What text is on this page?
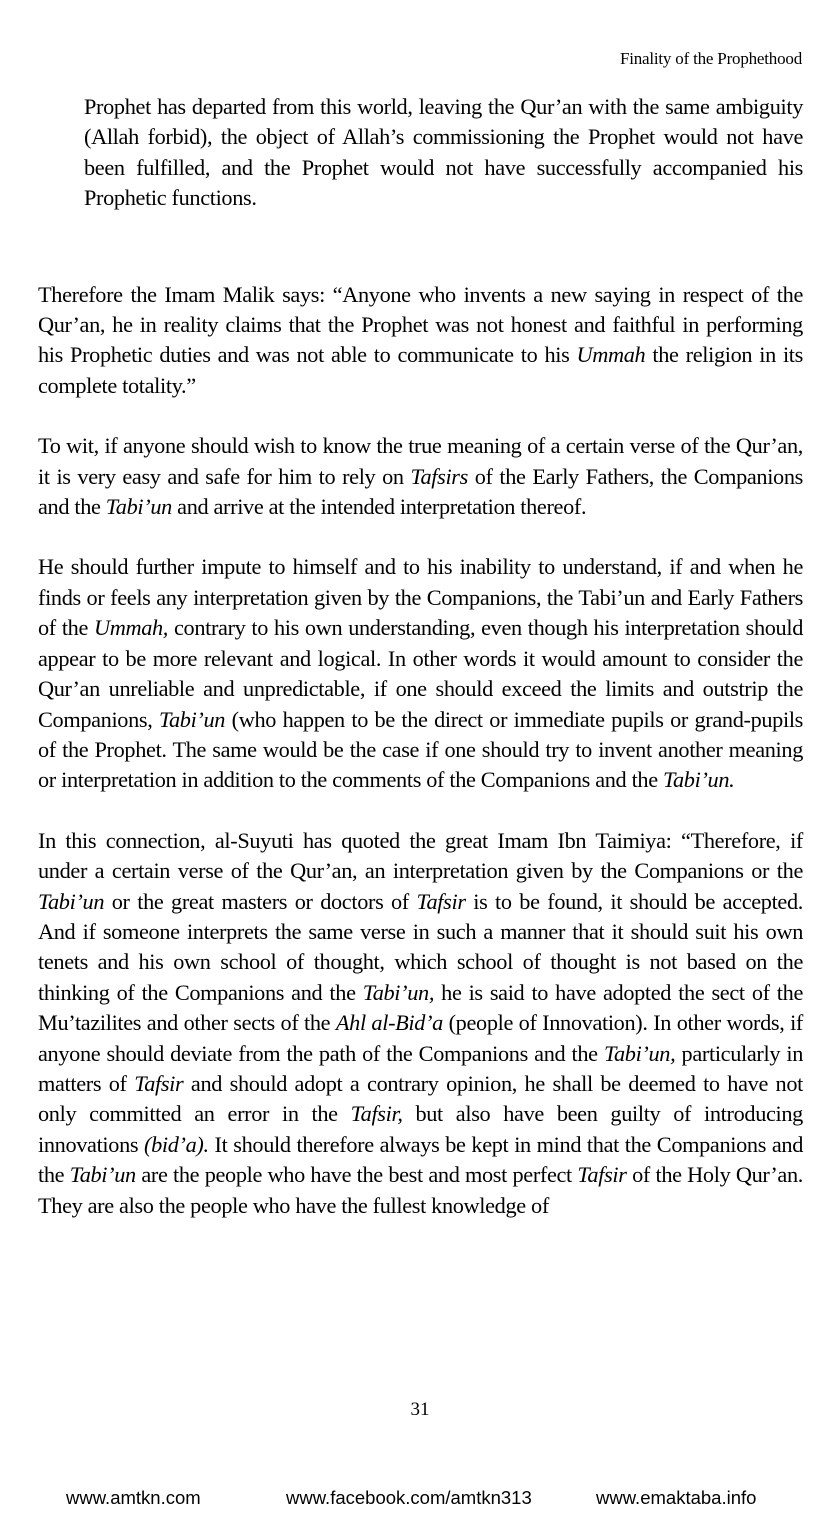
Finality of the Prophethood

Prophet has departed from this world, leaving the Qur’an with the same ambiguity (Allah forbid), the object of Allah’s commissioning the Prophet would not have been fulfilled, and the Prophet would not have successfully accompanied his Prophetic functions.

Therefore the Imam Malik says: “Anyone who invents a new saying in respect of the Qur’an, he in reality claims that the Prophet was not honest and faithful in performing his Prophetic duties and was not able to communicate to his Ummah the religion in its complete totality.”

To wit, if anyone should wish to know the true meaning of a certain verse of the Qur’an, it is very easy and safe for him to rely on Tafsirs of the Early Fathers, the Companions and the Tabi’un and arrive at the intended interpretation thereof.

He should further impute to himself and to his inability to understand, if and when he finds or feels any interpretation given by the Companions, the Tabi’un and Early Fathers of the Ummah, contrary to his own understanding, even though his interpretation should appear to be more relevant and logical. In other words it would amount to consider the Qur’an unreliable and unpredictable, if one should exceed the limits and outstrip the Companions, Tabi’un (who happen to be the direct or immediate pupils or grand-pupils of the Prophet. The same would be the case if one should try to invent another meaning or interpretation in addition to the comments of the Companions and the Tabi’un.

In this connection, al-Suyuti has quoted the great Imam Ibn Taimiya: “Therefore, if under a certain verse of the Qur’an, an interpretation given by the Companions or the Tabi’un or the great masters or doctors of Tafsir is to be found, it should be accepted. And if someone interprets the same verse in such a manner that it should suit his own tenets and his own school of thought, which school of thought is not based on the thinking of the Companions and the Tabi’un, he is said to have adopted the sect of the Mu’tazilites and other sects of the Ahl al-Bid’a (people of Innovation). In other words, if anyone should deviate from the path of the Companions and the Tabi’un, particularly in matters of Tafsir and should adopt a contrary opinion, he shall be deemed to have not only committed an error in the Tafsir, but also have been guilty of introducing innovations (bid’a). It should therefore always be kept in mind that the Companions and the Tabi’un are the people who have the best and most perfect Tafsir of the Holy Qur’an. They are also the people who have the fullest knowledge of

31
www.amtkn.com	www.facebook.com/amtkn313	www.emaktaba.info
